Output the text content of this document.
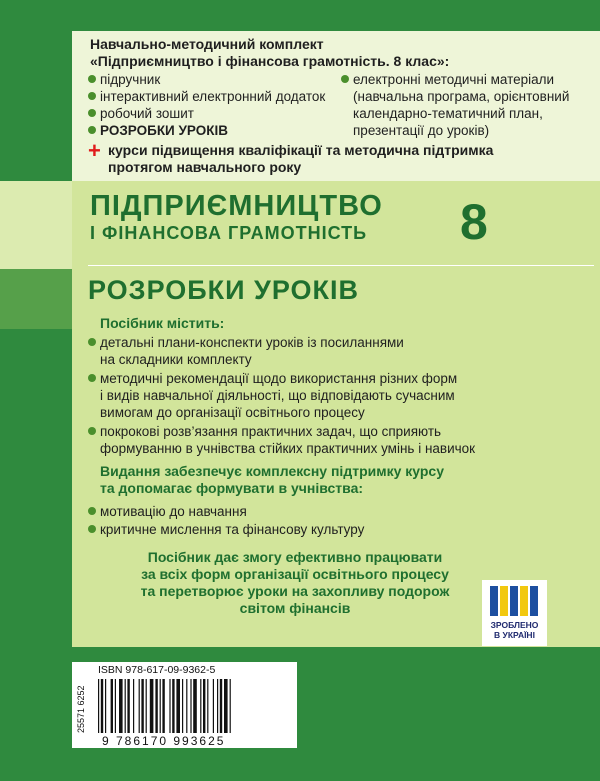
Навчально-методичний комплект
«Підприємництво і фінансова грамотність. 8 клас»:
підручник
інтерактивний електронний додаток
робочий зошит
РОЗРОБКИ УРОКІВ
електронні методичні матеріали
(навчальна програма, орієнтовний
календарно-тематичний план,
презентації до уроків)
+ курси підвищення кваліфікації та методична підтримка
протягом навчального року
ПІДПРИЄМНИЦТВО
І ФІНАНСОВА ГРАМОТНІСТЬ	8
РОЗРОБКИ УРОКІВ
Посібник містить:
детальні плани-конспекти уроків із посиланнями
на складники комплекту
методичні рекомендації щодо використання різних форм
і видів навчальної діяльності, що відповідають сучасним
вимогам до організації освітнього процесу
покрокові розв’язання практичних задач, що сприяють
формуванню в учнівства стійких практичних умінь і навичок
Видання забезпечує комплексну підтримку курсу
та допомагає формувати в учнівства:
мотивацію до навчання
критичне мислення та фінансову культуру
Посібник дає змогу ефективно працювати
за всіх форм організації освітнього процесу
та перетворює уроки на захопливу подорож
світом фінансів
ЗРОБЛЕНО
В УКРАЇНІ
ISBN 978-617-09-9362-5
25571 6252
9 786170 993625
